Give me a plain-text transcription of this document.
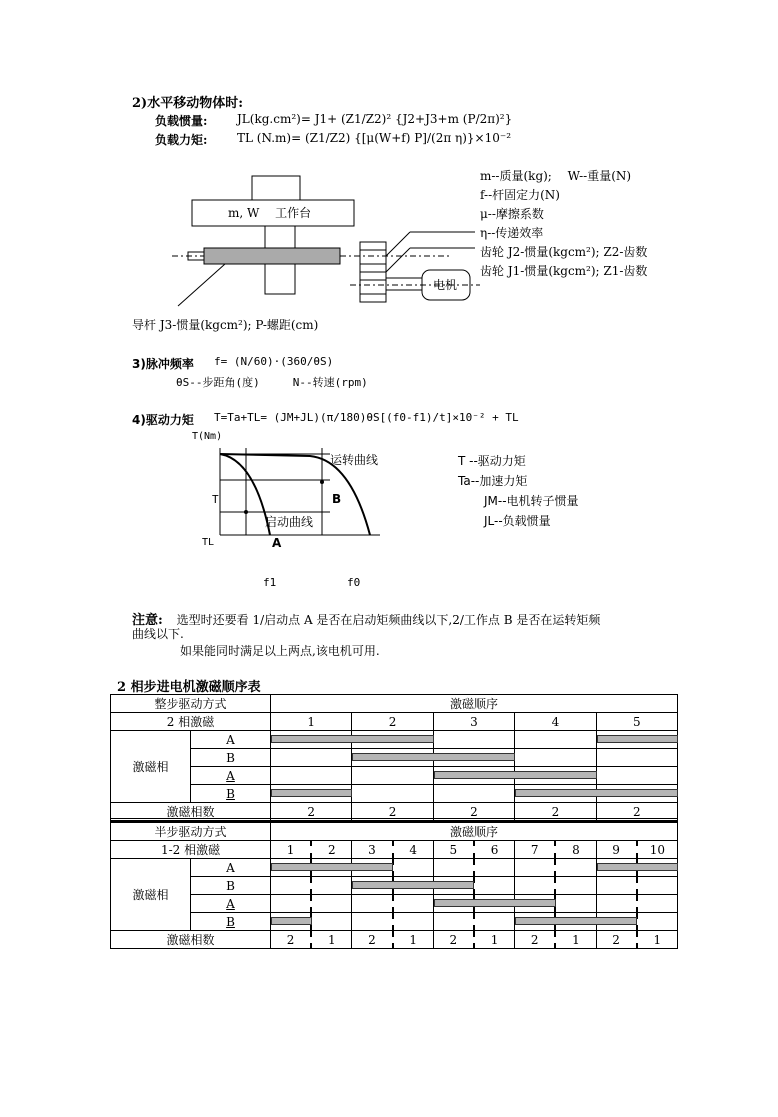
2)水平移动物体时:
负载惯量: JL(kg.cm²)= J1+ (Z1/Z2)² {J2+J3+m (P/2π)²}
负载力矩: TL (N.m)= (Z1/Z2) {[μ(W+f) P]/(2π η)}×10⁻²
m, W　 工作台
电机
m--质量(kg);　 W--重量(N)
f--杆固定力(N)
μ--摩擦系数
η--传递效率
齿轮 J2-惯量(kgcm²); Z2-齿数
齿轮 J1-惯量(kgcm²); Z1-齿数
导杆 J3-惯量(kgcm²); P-螺距(cm)
3)脉冲频率 f= (N/60)·(360/θS)
θS--步距角(度)　　　N--转速(rpm)
4)驱动力矩 T=Ta+TL= (JM+JL)(π/180)θS[(f0-f1)/t]×10⁻² + TL
T(Nm)
运转曲线
启动曲线
B
A
T
TL
f1	f0
T --驱动力矩
Ta--加速力矩
JM--电机转子惯量
JL--负载惯量
注意: 选型时还要看 1/启动点 A 是否在启动矩频曲线以下,2/工作点 B 是否在运转矩频
曲线以下.
如果能同时满足以上两点,该电机可用.
2 相步进电机激磁顺序表
整步驱动方式		激磁顺序				
2 相激磁		1	2	3	4	5
激磁相	A	

	B		

	A			

	B	

激磁相数		2	2	2	2	2
半步驱动方式		激磁顺序									
1-2 相激磁		1	2	3	4	5	6	7	8	9	10
激磁相	A	

	B			

	A					

	B	

激磁相数		2	1	2	1	2	1	2	1	2	1
